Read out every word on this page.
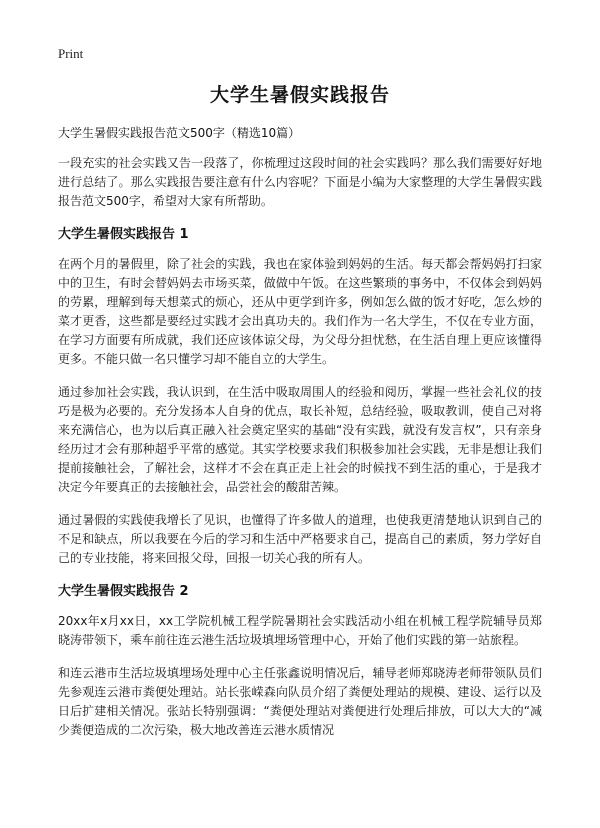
Print
大学生暑假实践报告
大学生暑假实践报告范文500字（精选10篇）
一段充实的社会实践又告一段落了，你梳理过这段时间的社会实践吗？那么我们需要好好地进行总结了。那么实践报告要注意有什么内容呢？下面是小编为大家整理的大学生暑假实践报告范文500字，希望对大家有所帮助。
大学生暑假实践报告 1
在两个月的暑假里，除了社会的实践，我也在家体验到妈妈的生活。每天都会帮妈妈打扫家中的卫生，有时会替妈妈去市场买菜，做做中午饭。在这些繁琐的事务中，不仅体会到妈妈的劳累，理解到每天想菜式的烦心，还从中更学到许多，例如怎么做的饭才好吃，怎么炒的菜才更香，这些都是要经过实践才会出真功夫的。我们作为一名大学生，不仅在专业方面，在学习方面要有所成就，我们还应该体谅父母，为父母分担忧愁，在生活自理上更应该懂得更多。不能只做一名只懂学习却不能自立的大学生。
通过参加社会实践，我认识到，在生活中吸取周围人的经验和阅历，掌握一些社会礼仪的技巧是极为必要的。充分发扬本人自身的优点，取长补短，总结经验，吸取教训，使自己对将来充满信心，也为以后真正融入社会奠定坚实的基础“没有实践，就没有发言权”，只有亲身经历过才会有那种超乎平常的感觉。其实学校要求我们积极参加社会实践，无非是想让我们提前接触社会，了解社会，这样才不会在真正走上社会的时候找不到生活的重心，于是我才决定今年要真正的去接触社会，品尝社会的酸甜苦辣。
通过暑假的实践使我增长了见识，也懂得了许多做人的道理，也使我更清楚地认识到自己的不足和缺点，所以我要在今后的学习和生活中严格要求自己，提高自己的素质，努力学好自己的专业技能，将来回报父母，回报一切关心我的所有人。
大学生暑假实践报告 2
20xx年x月xx日，xx工学院机械工程学院暑期社会实践活动小组在机械工程学院辅导员郑晓涛带领下，乘车前往连云港生活垃圾填埋场管理中心，开始了他们实践的第一站旅程。
和连云港市生活垃圾填埋场处理中心主任张鑫说明情况后，辅导老师郑晓涛老师带领队员们先参观连云港市粪便处理站。站长张嵘森向队员介绍了粪便处理站的规模、建设、运行以及日后扩建相关情况。张站长特别强调：“粪便处理站对粪便进行处理后排放，可以大大的“减少粪便造成的二次污染，极大地改善连云港水质情况
